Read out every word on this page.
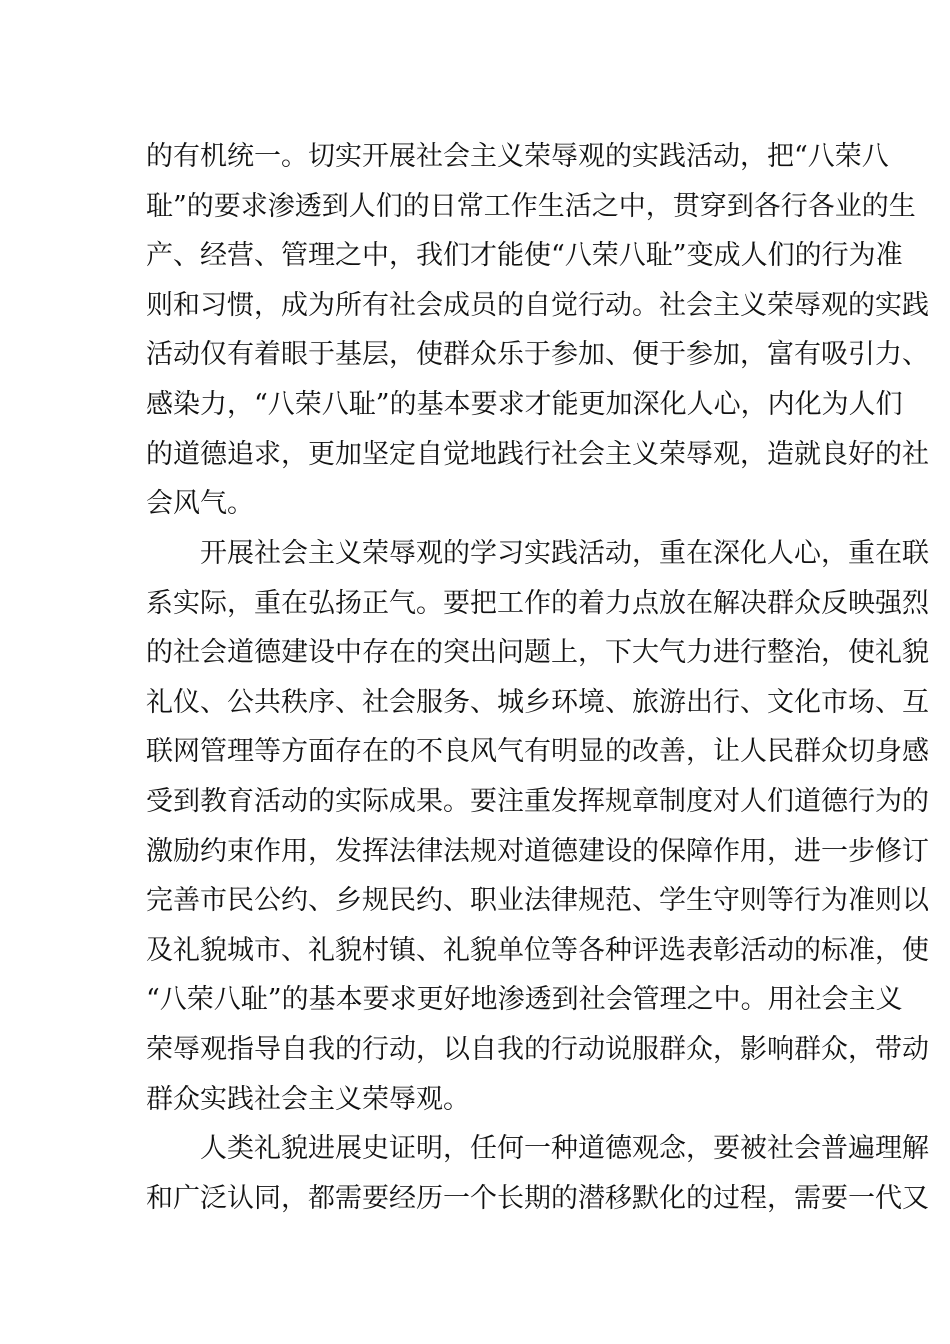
的有机统一。切实开展社会主义荣辱观的实践活动，把“八荣八
耻”的要求渗透到人们的日常工作生活之中，贯穿到各行各业的生
产、经营、管理之中，我们才能使“八荣八耻”变成人们的行为准
则和习惯，成为所有社会成员的自觉行动。社会主义荣辱观的实践
活动仅有着眼于基层，使群众乐于参加、便于参加，富有吸引力、
感染力，“八荣八耻”的基本要求才能更加深化人心，内化为人们
的道德追求，更加坚定自觉地践行社会主义荣辱观，造就良好的社
会风气。
开展社会主义荣辱观的学习实践活动，重在深化人心，重在联
系实际，重在弘扬正气。要把工作的着力点放在解决群众反映强烈
的社会道德建设中存在的突出问题上，下大气力进行整治，使礼貌
礼仪、公共秩序、社会服务、城乡环境、旅游出行、文化市场、互
联网管理等方面存在的不良风气有明显的改善，让人民群众切身感
受到教育活动的实际成果。要注重发挥规章制度对人们道德行为的
激励约束作用，发挥法律法规对道德建设的保障作用，进一步修订
完善市民公约、乡规民约、职业法律规范、学生守则等行为准则以
及礼貌城市、礼貌村镇、礼貌单位等各种评选表彰活动的标准，使
“八荣八耻”的基本要求更好地渗透到社会管理之中。用社会主义
荣辱观指导自我的行动，以自我的行动说服群众，影响群众，带动
群众实践社会主义荣辱观。
人类礼貌进展史证明，任何一种道德观念，要被社会普遍理解
和广泛认同，都需要经历一个长期的潜移默化的过程，需要一代又
